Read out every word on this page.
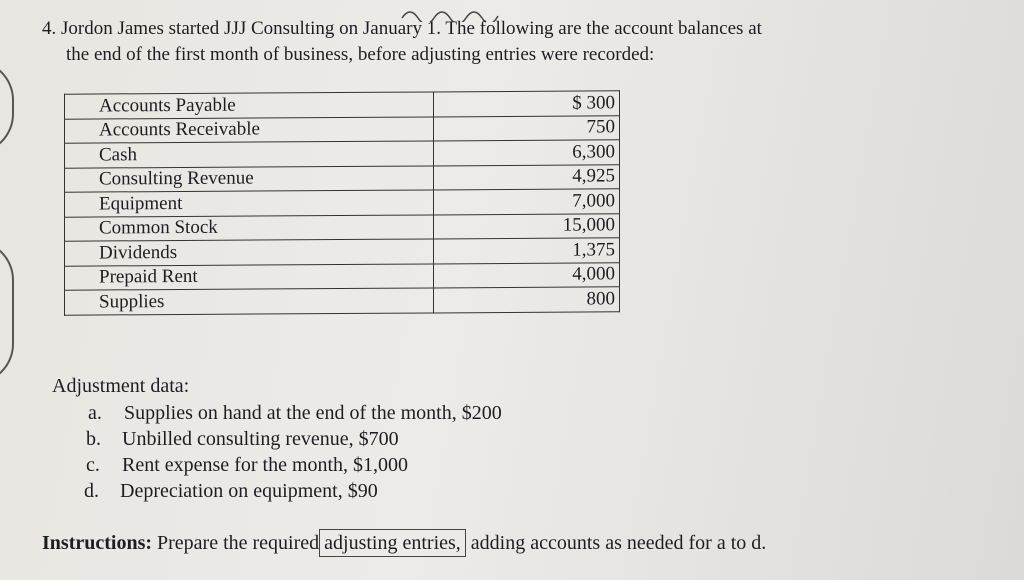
4. Jordon James started JJJ Consulting on January 1. The following are the account balances at
the end of the first month of business, before adjusting entries were recorded:
Accounts Payable	$ 300
Accounts Receivable	750
Cash	6,300
Consulting Revenue	4,925
Equipment	7,000
Common Stock	15,000
Dividends	1,375
Prepaid Rent	4,000
Supplies	800
Adjustment data:
a. Supplies on hand at the end of the month, $200
b. Unbilled consulting revenue, $700
c. Rent expense for the month, $1,000
d. Depreciation on equipment, $90
Instructions: Prepare the required adjusting entries, adding accounts as needed for a to d.
